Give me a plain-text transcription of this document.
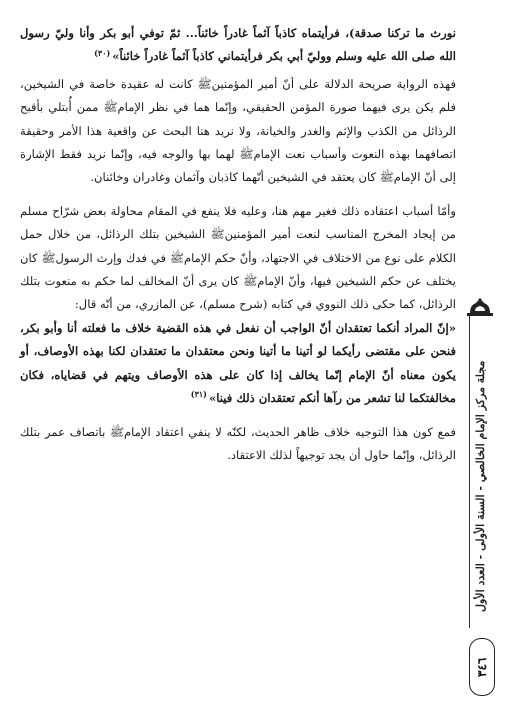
نورث ما تركنا صدقة)، فرأيتماه كاذباً آثماً غادراً خائناً... ثمّ توفي أبو بكر وأنا وليّ رسول الله صلى الله عليه وسلم ووليّ أبي بكر فرأيتماني كاذباً آثماً غادراً خائناً»$^{(٣٠)}$

فهذه الرواية صريحة الدلالة على أنّ أمير المؤمنينﷺ كانت له عقيدة خاصة في الشيخين، فلم يكن يرى فيهما صورة المؤمن الحقيقي، وإنّما هما في نظر الإمامﷺ ممن أُبتلي بأقبح الرذائل من الكذب والإثم والغدر والخيانة، ولا نريد هنا البحث عن واقعية هذا الأمر وحقيقة اتصافهما بهذه النعوت وأسباب نعت الإمامﷺ لهما بها والوجه فيه، وإنّما نريد فقط الإشارة إلى أنّ الإمامﷺ كان يعتقد في الشيخين أنّهما كاذبان وآثمان وغادران وخائنان.

وأمّا أسباب اعتقاده ذلك فغير مهم هنا، وعليه فلا ينفع في المقام محاولة بعض شرّاح مسلم من إيجاد المخرج المناسب لنعت أمير المؤمنينﷺ الشيخين بتلك الرذائل، من خلال حمل الكلام على نوع من الاختلاف في الاجتهاد، وأنّ حكم الإمامﷺ في فدك وإرث الرسولﷺ كان يختلف عن حكم الشيخين فيها، وأنّ الإمامﷺ كان يرى أنّ المخالف لما حكم به منعوت بتلك الرذائل، كما حكى ذلك النووي في كتابه (شرح مسلم)، عن المازري، من أنّه قال:

«إنّ المراد أنكما تعتقدان أنّ الواجب أن نفعل في هذه القضية خلاف ما فعلته أنا وأبو بكر، فنحن على مقتضى رأيكما لو أتينا ما أتينا ونحن معتقدان ما تعتقدان لكنا بهذه الأوصاف، أو يكون معناه أنّ الإمام إنّما يخالف إذا كان على هذه الأوصاف ويتهم في قضاياه، فكان مخالفتكما لنا تشعر من رآها أنكم تعتقدان ذلك فينا»$^{(٣١)}$

فمع كون هذا التوجيه خلاف ظاهر الحديث، لكنّه لا ينفي اعتقاد الإمامﷺ باتصاف عمر بتلك الرذائل، وإنّما حاول أن يجد توجيهاً لذلك الاعتقاد. مجلة مركز الإمام الخالصي - السنة الأولى - العدد الأول
٣٤٦
